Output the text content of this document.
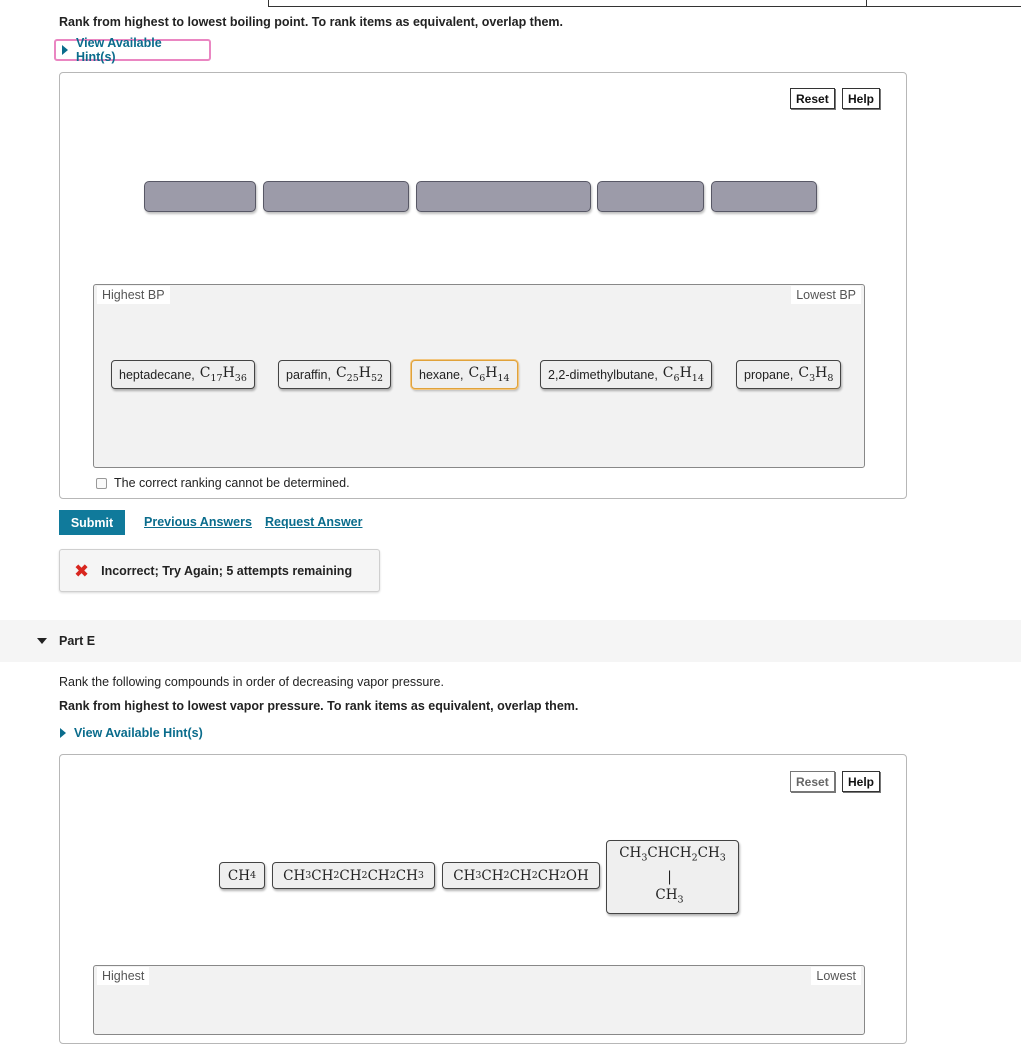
Rank from highest to lowest boiling point. To rank items as equivalent, overlap them.
View Available Hint(s)
Reset	Help
Highest BP	Lowest BP
heptadecane, $C_{17}H_{36}$	paraffin, $C_{25}H_{52}$	hexane, $C_6H_{14}$	2,2-dimethylbutane, $C_6H_{14}$	propane, $C_3H_8$
The correct ranking cannot be determined.
Submit	Previous Answers Request Answer
✖ Incorrect; Try Again; 5 attempts remaining
Part E
Rank the following compounds in order of decreasing vapor pressure.
Rank from highest to lowest vapor pressure. To rank items as equivalent, overlap them.
View Available Hint(s)
Reset	Help
CH 4	CH 3 CH 2 CH 2 CH 2 CH 3	CH 3 CH 2 CH 2 CH 2 OH
$CH_3CHCH_2CH_3$
|
$CH_3$
Highest	Lowest
